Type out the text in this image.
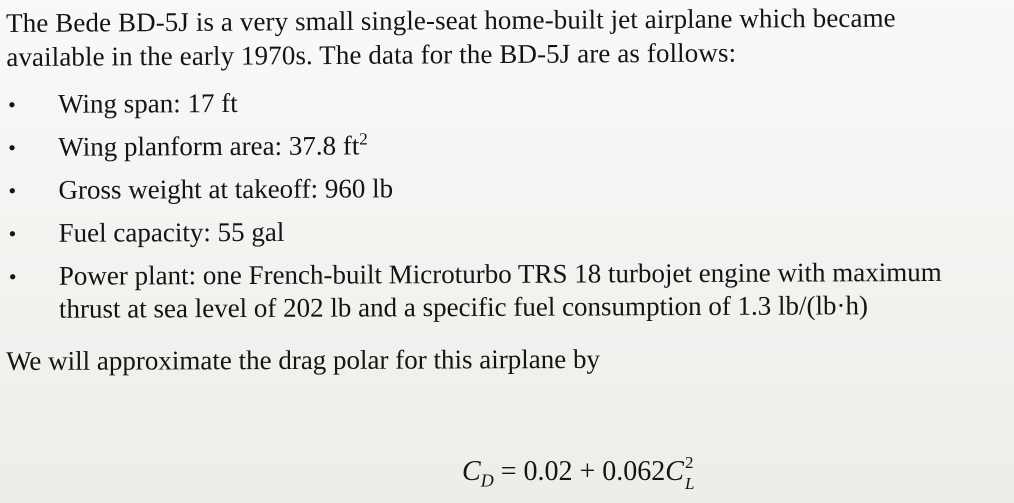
The Bede BD-5J is a very small single-seat home-built jet airplane which became
available in the early 1970s. The data for the BD-5J are as follows:

• Wing span: 17 ft
• Wing planform area: 37.8 $ft^2$
• Gross weight at takeoff: 960 lb
• Fuel capacity: 55 gal
• Power plant: one French-built Microturbo TRS 18 turbojet engine with maximum
thrust at sea level of 202 lb and a specific fuel consumption of 1.3 lb/(lb·h)

We will approximate the drag polar for this airplane by

$C_D = 0.02 + 0.062C$ 2
L
